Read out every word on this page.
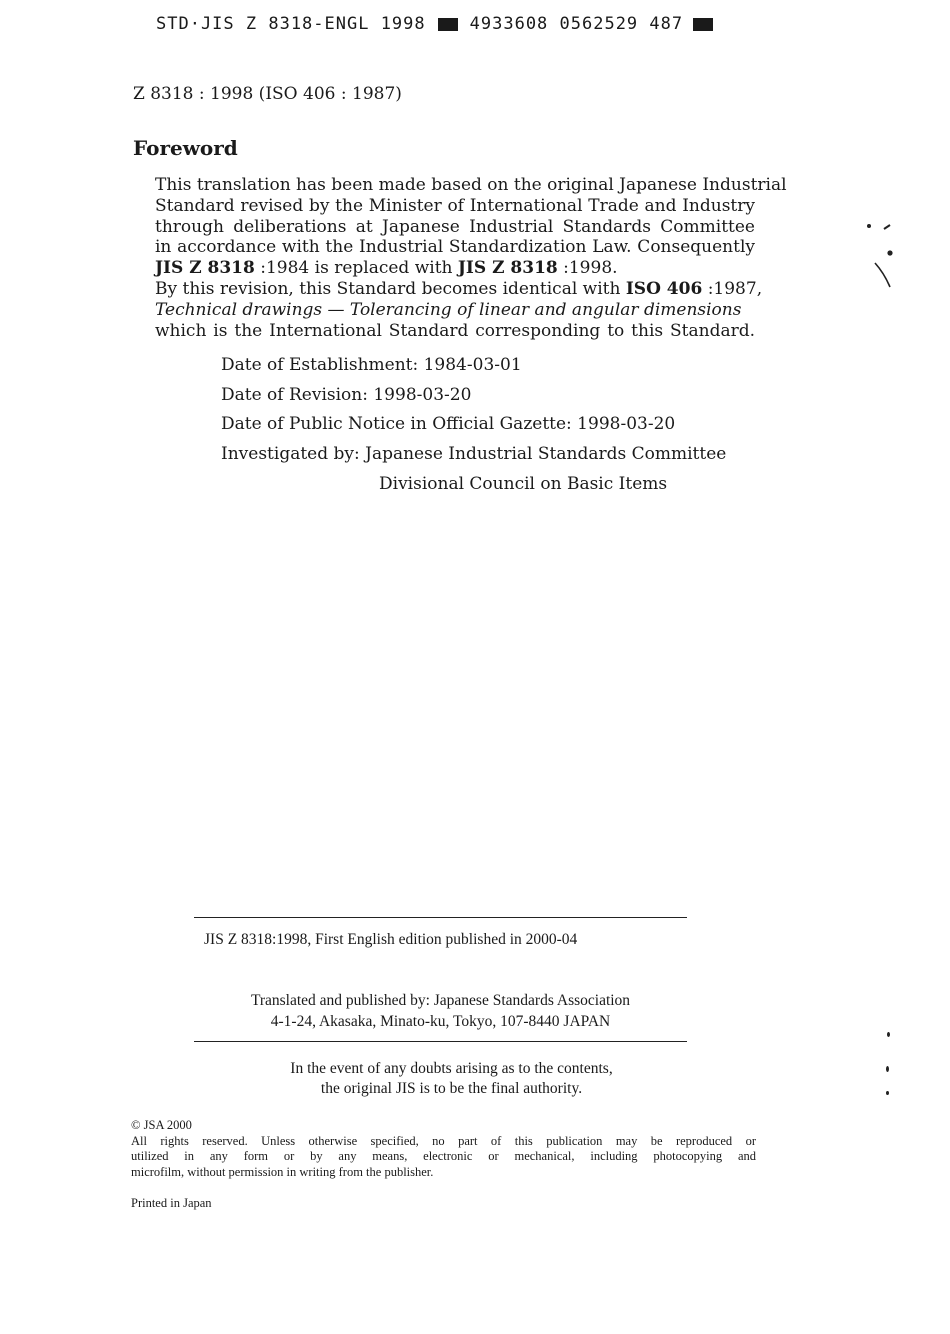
STD·JIS Z 8318-ENGL 1998	4933608 0562529 487
Z 8318 : 1998 (ISO 406 : 1987)
Foreword
This translation has been made based on the original Japanese Industrial
Standard revised by the Minister of International Trade and Industry
through deliberations at Japanese Industrial Standards Committee
in accordance with the Industrial Standardization Law. Consequently
JIS Z 8318 :1984 is replaced with JIS Z 8318 :1998.
By this revision, this Standard becomes identical with ISO 406 :1987,
Technical drawings — Tolerancing of linear and angular dimensions
which is the International Standard corresponding to this Standard.
Date of Establishment: 1984-03-01
Date of Revision: 1998-03-20
Date of Public Notice in Official Gazette: 1998-03-20
Investigated by: Japanese Industrial Standards Committee
Divisional Council on Basic Items
JIS Z 8318:1998, First English edition published in 2000-04
Translated and published by: Japanese Standards Association
4-1-24, Akasaka, Minato-ku, Tokyo, 107-8440 JAPAN
In the event of any doubts arising as to the contents,
the original JIS is to be the final authority.
© JSA 2000
All rights reserved. Unless otherwise specified, no part of this publication may be reproduced or
utilized in any form or by any means, electronic or mechanical, including photocopying and
microfilm, without permission in writing from the publisher.
Printed in Japan
